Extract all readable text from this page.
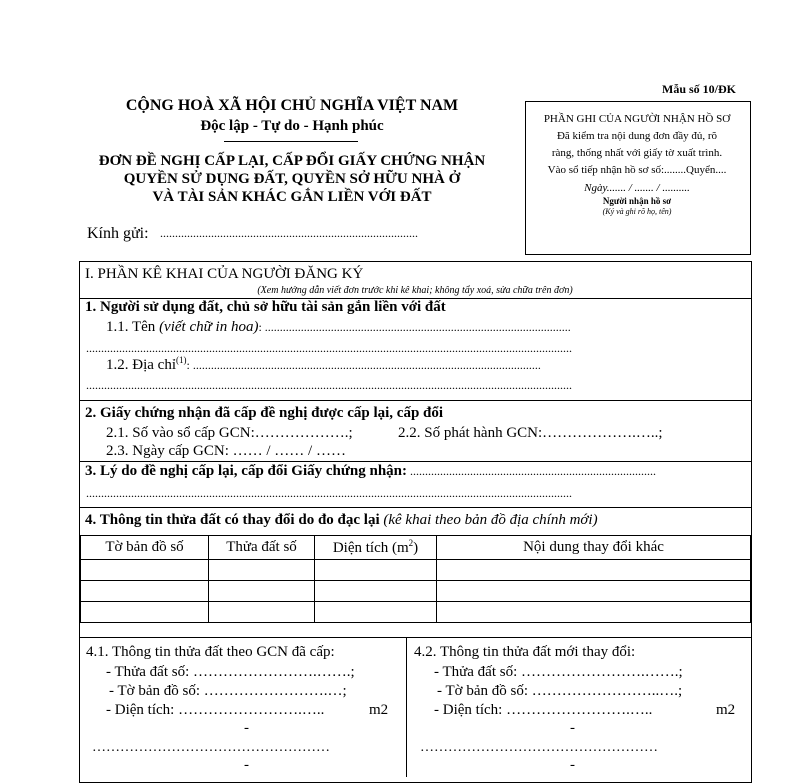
Mẫu số 10/ĐK
CỘNG HOÀ XÃ HỘI CHỦ NGHĨA VIỆT NAM
Độc lập - Tự do - Hạnh phúc
ĐƠN ĐỀ NGHỊ CẤP LẠI, CẤP ĐỔI GIẤY CHỨNG NHẬN
QUYỀN SỬ DỤNG ĐẤT, QUYỀN SỞ HỮU NHÀ Ở
VÀ TÀI SẢN KHÁC GẮN LIỀN VỚI ĐẤT
Kính gửi: ......................................................................................
PHẦN GHI CỦA NGƯỜI NHẬN HỒ SƠ
Đã kiểm tra nội dung đơn đầy đủ, rõ
ràng, thống nhất với giấy tờ xuất trình.
Vào sổ tiếp nhận hồ sơ số:........Quyển....
Ngày....... / ....... / ..........
Người nhận hồ sơ
(Ký và ghi rõ họ, tên)
I. PHẦN KÊ KHAI CỦA NGƯỜI ĐĂNG KÝ
(Xem hướng dẫn viết đơn trước khi kê khai; không tẩy xoá, sửa chữa trên đơn)
1. Người sử dụng đất, chủ sở hữu tài sản gắn liền với đất
1.1. Tên (viết chữ in hoa): ......................................................................................................
..................................................................................................................................................................
1.2. Địa chỉ$^{(1)}$: ....................................................................................................................
..................................................................................................................................................................
2. Giấy chứng nhận đã cấp đề nghị được cấp lại, cấp đổi
2.1. Số vào sổ cấp GCN:……………….;	2.2. Số phát hành GCN:……………….…..;
2.3. Ngày cấp GCN: …… / …… / ……
3. Lý do đề nghị cấp lại, cấp đổi Giấy chứng nhận: ..................................................................................
..................................................................................................................................................................
4. Thông tin thửa đất có thay đổi do đo đạc lại (kê khai theo bản đồ địa chính mới)
Tờ bản đồ số	Thửa đất số	Diện tích $(m^2)$	Nội dung thay đổi khác

4.1. Thông tin thửa đất theo GCN đã cấp:
- Thửa đất số: …………………….…….;
- Tờ bản đồ số: …………………….…;
- Diện tích: …………………….…..	m2
-
……………………………………………
-
4.2. Thông tin thửa đất mới thay đổi:
- Thửa đất số: …………………….…….;
- Tờ bản đồ số: ……………………..….;
- Diện tích: …………………….…..	m2
-
……………………………………………
-
